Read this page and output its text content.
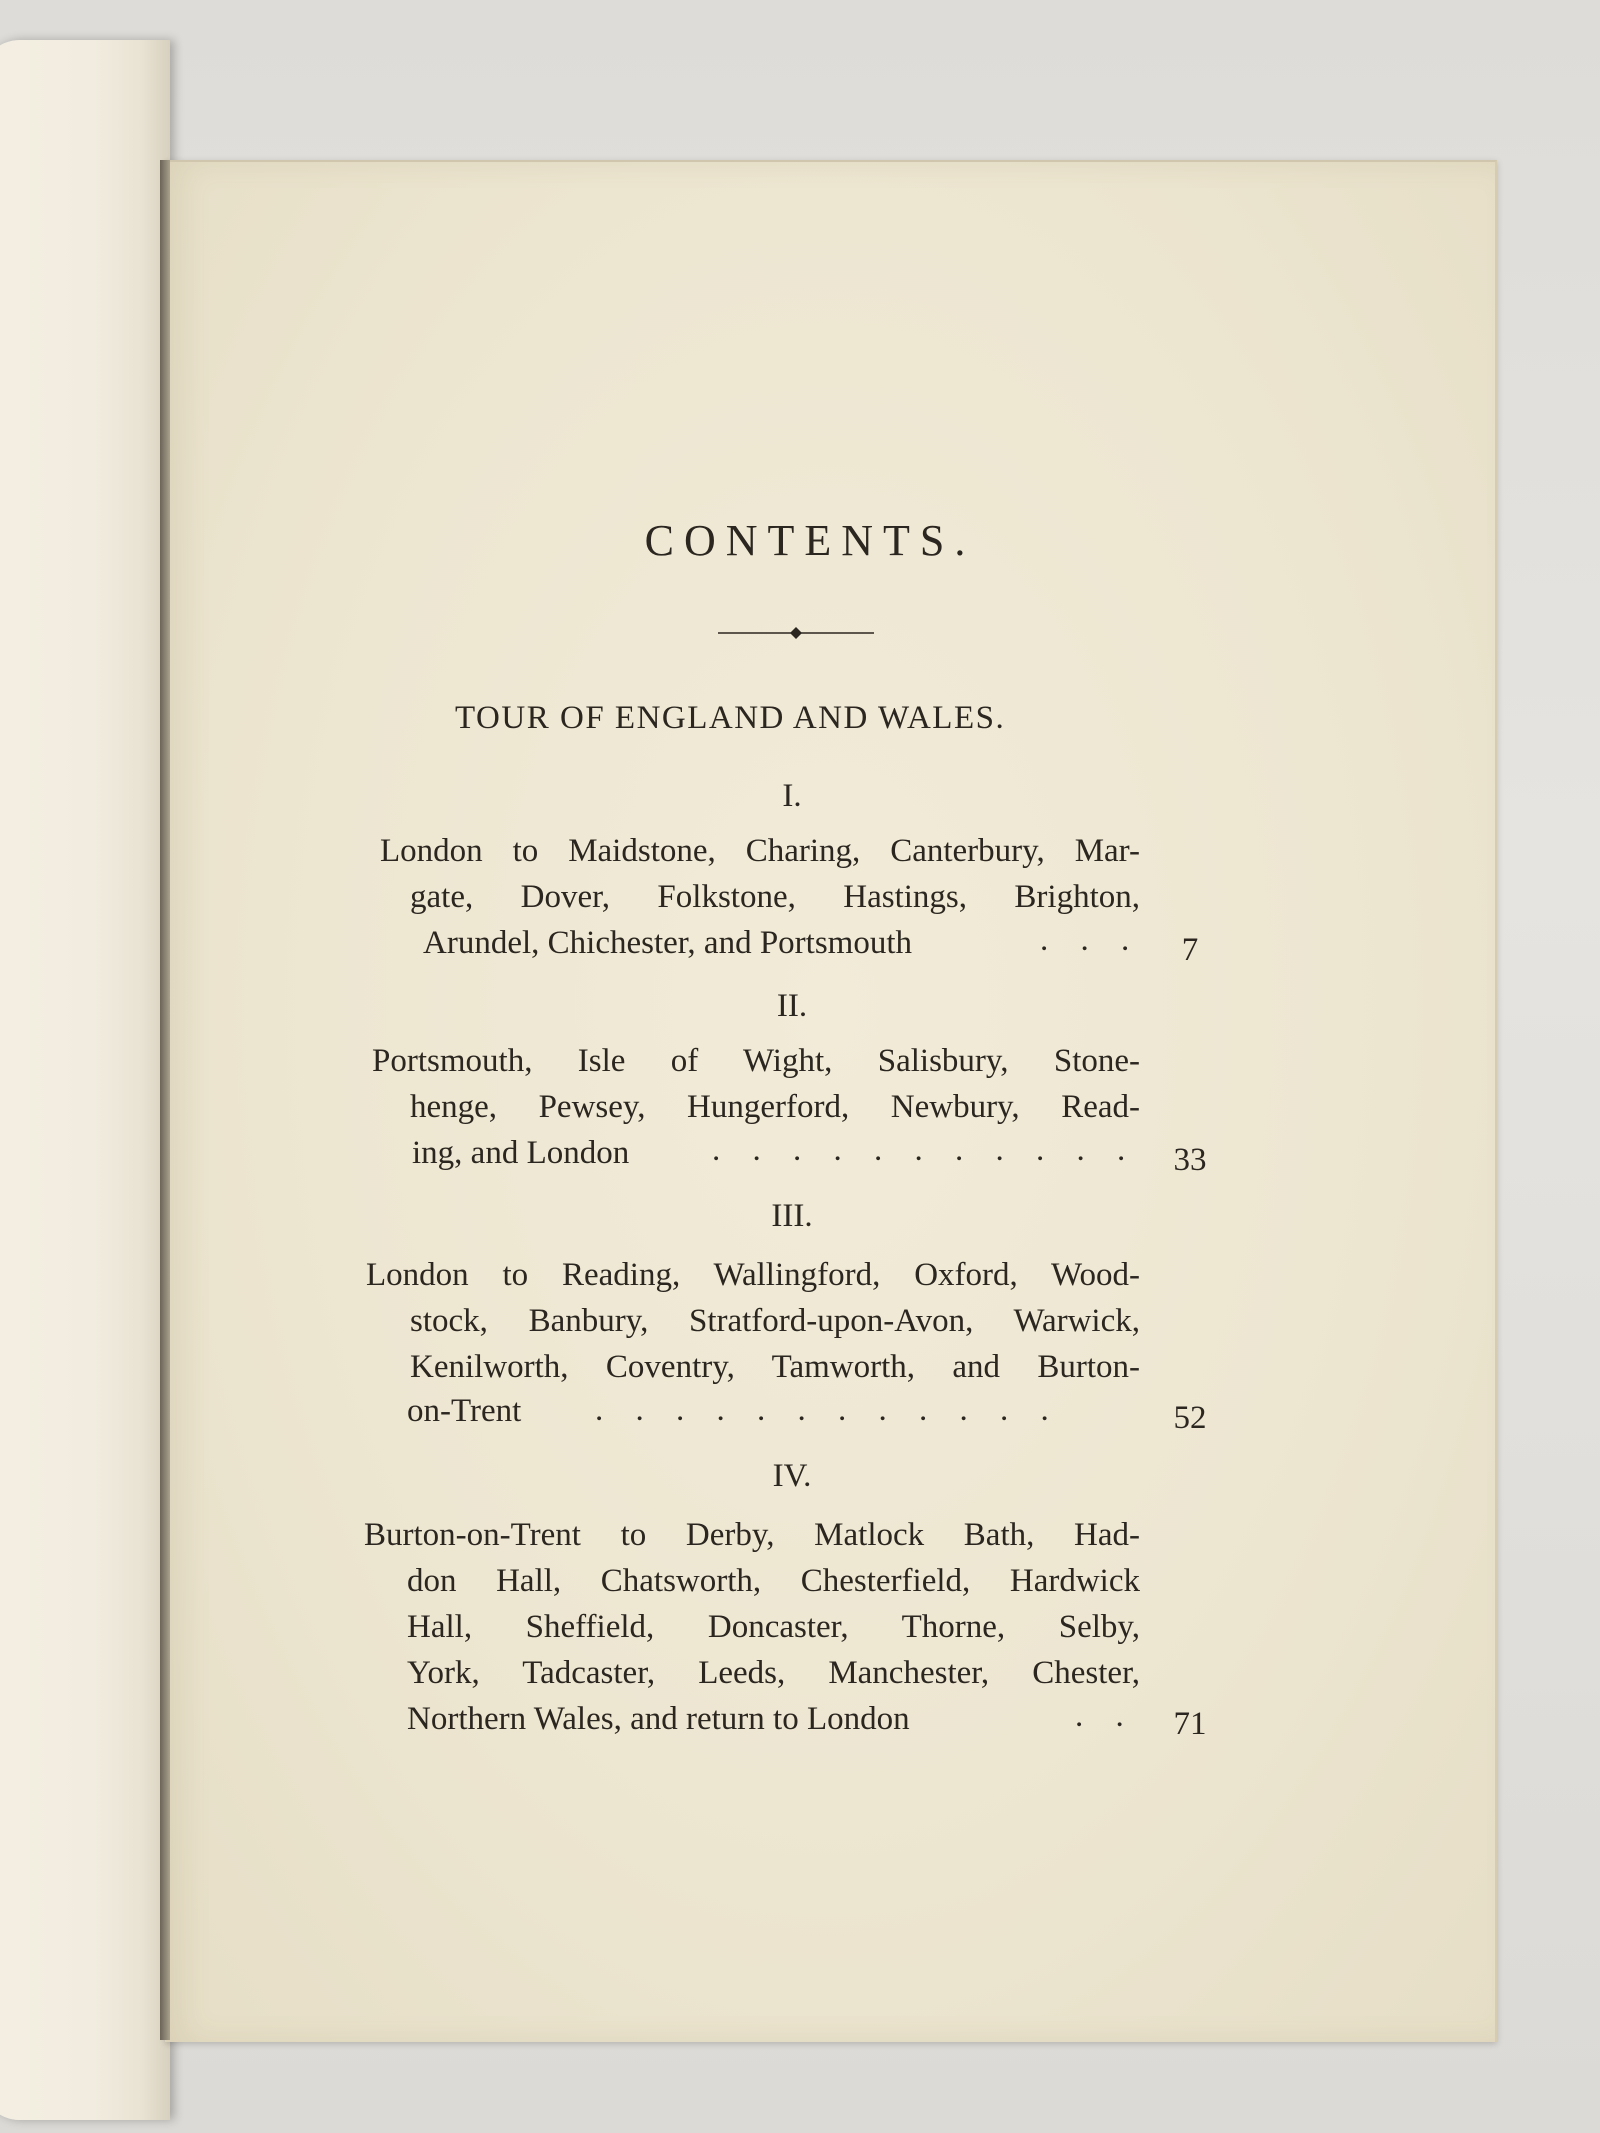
CONTENTS.
TOUR OF ENGLAND AND WALES.
I.
London to Maidstone, Charing, Canterbury, Mar-
gate, Dover, Folkstone, Hastings, Brighton,
Arundel, Chichester, and Portsmouth	. . .	7
II.
Portsmouth, Isle of Wight, Salisbury, Stone-
henge, Pewsey, Hungerford, Newbury, Read-
ing, and London	. . . . . . . . . . .	33
III.
London to Reading, Wallingford, Oxford, Wood-
stock, Banbury, Stratford-upon-Avon, Warwick,
Kenilworth, Coventry, Tamworth, and Burton-
on-Trent . . . . . . . . . . . .	52
IV.
Burton-on-Trent to Derby, Matlock Bath, Had-
don Hall, Chatsworth, Chesterfield, Hardwick
Hall, Sheffield, Doncaster, Thorne, Selby,
York, Tadcaster, Leeds, Manchester, Chester,
Northern Wales, and return to London	. .	71
